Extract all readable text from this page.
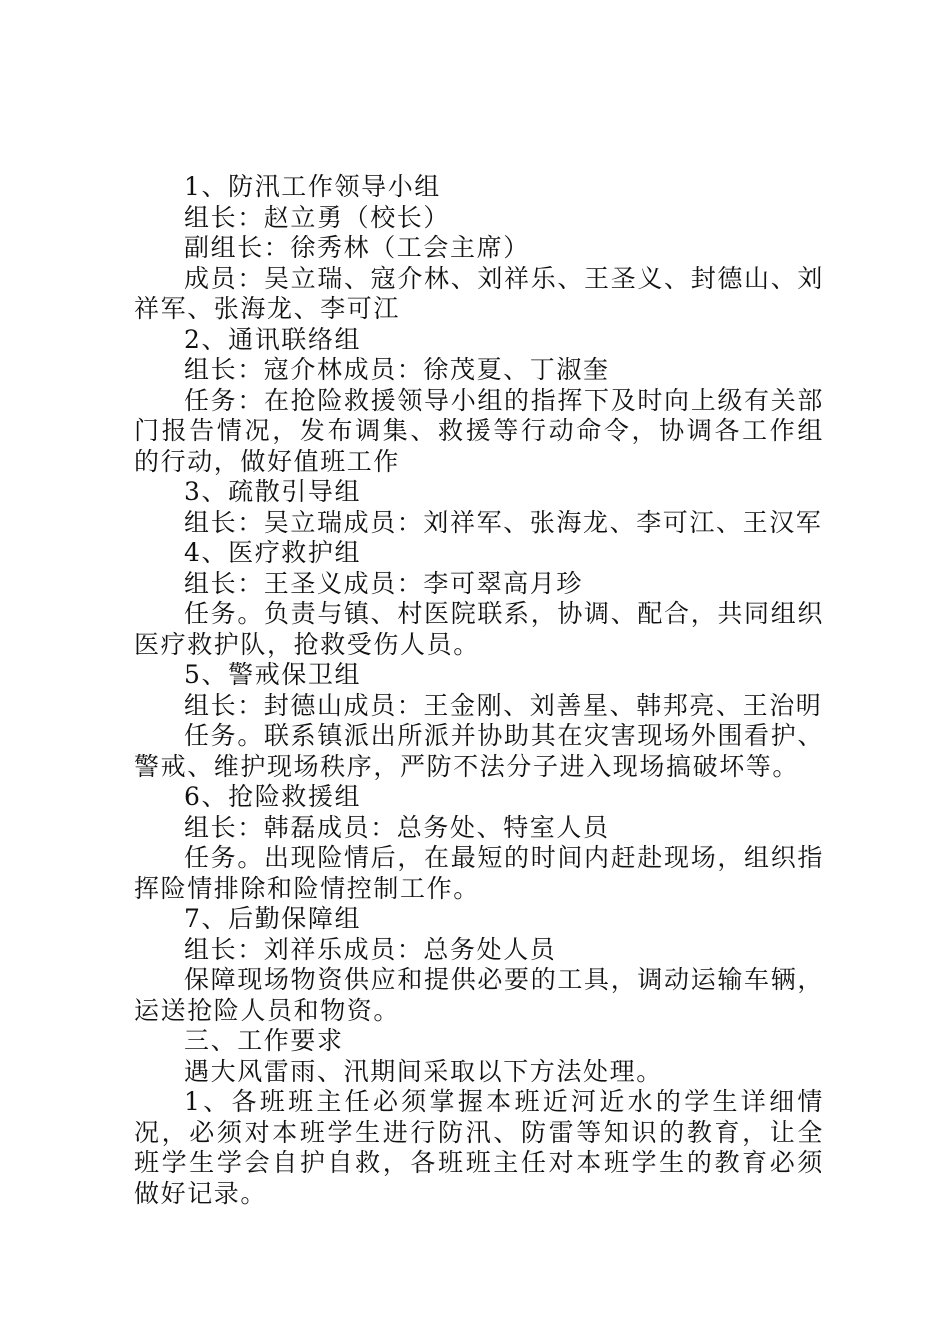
1、防汛工作领导小组

组长：赵立勇（校长）

副组长：徐秀林（工会主席）

成员：吴立瑞、寇介林、刘祥乐、王圣义、封德山、刘祥军、张海龙、李可江

2、通讯联络组

组长：寇介林成员：徐茂夏、丁淑奎

任务：在抢险救援领导小组的指挥下及时向上级有关部门报告情况，发布调集、救援等行动命令，协调各工作组的行动，做好值班工作

3、疏散引导组

组长：吴立瑞成员：刘祥军、张海龙、李可江、王汉军

4、医疗救护组

组长：王圣义成员：李可翠高月珍

任务。负责与镇、村医院联系，协调、配合，共同组织医疗救护队，抢救受伤人员。

5、警戒保卫组

组长：封德山成员：王金刚、刘善星、韩邦亮、王治明

任务。联系镇派出所派并协助其在灾害现场外围看护、警戒、维护现场秩序，严防不法分子进入现场搞破坏等。

6、抢险救援组

组长：韩磊成员：总务处、特室人员

任务。出现险情后，在最短的时间内赶赴现场，组织指挥险情排除和险情控制工作。

7、后勤保障组

组长：刘祥乐成员：总务处人员

保障现场物资供应和提供必要的工具，调动运输车辆，运送抢险人员和物资。

三、工作要求

遇大风雷雨、汛期间采取以下方法处理。

1、各班班主任必须掌握本班近河近水的学生详细情况，必须对本班学生进行防汛、防雷等知识的教育，让全班学生学会自护自救，各班班主任对本班学生的教育必须做好记录。
